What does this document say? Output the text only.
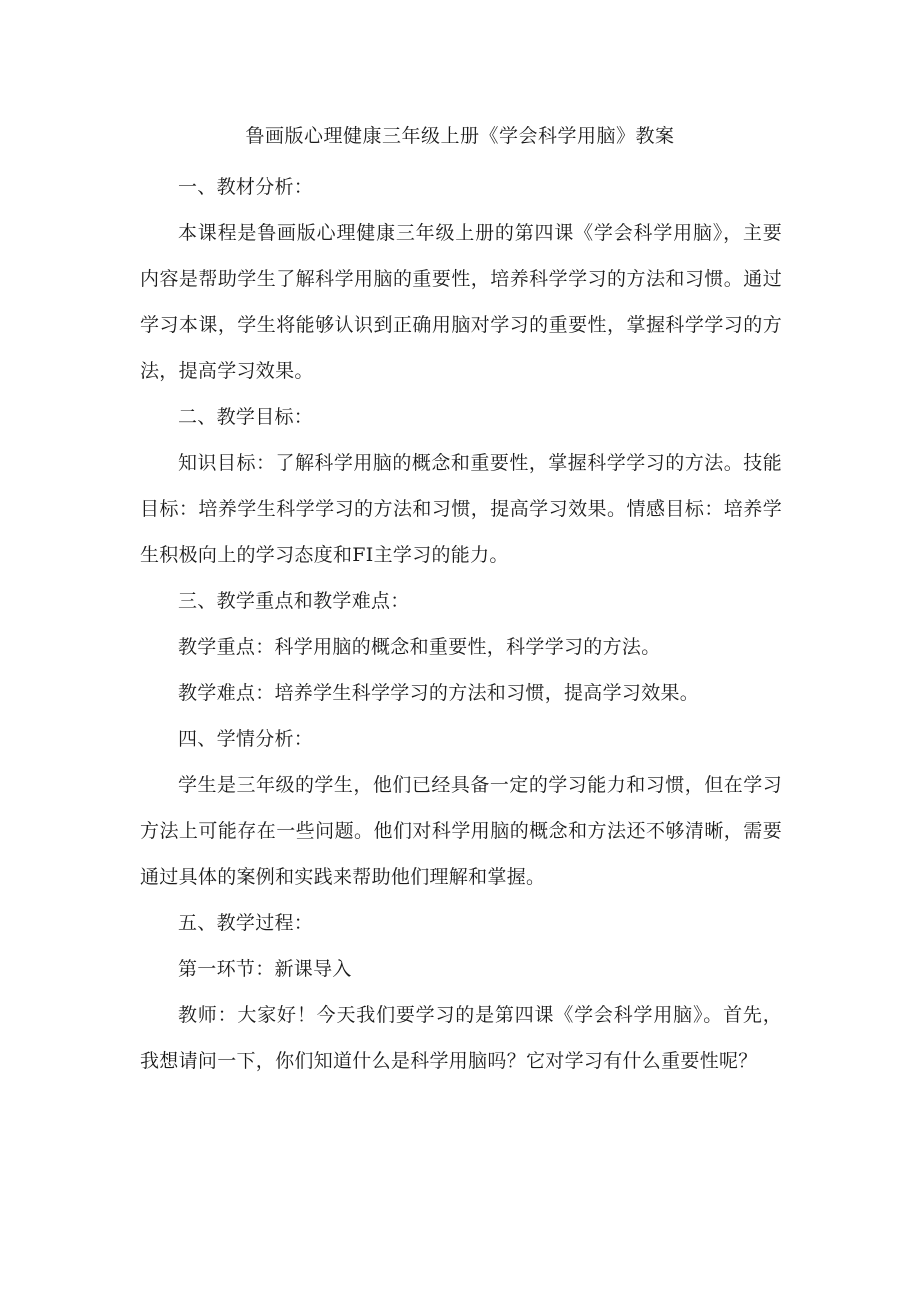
鲁画版心理健康三年级上册《学会科学用脑》教案

一、教材分析：

本课程是鲁画版心理健康三年级上册的第四课《学会科学用脑》，主要内容是帮助学生了解科学用脑的重要性，培养科学学习的方法和习惯。通过学习本课，学生将能够认识到正确用脑对学习的重要性，掌握科学学习的方法，提高学习效果。

二、教学目标：

知识目标：了解科学用脑的概念和重要性，掌握科学学习的方法。技能目标：培养学生科学学习的方法和习惯，提高学习效果。情感目标：培养学生积极向上的学习态度和FI主学习的能力。

三、教学重点和教学难点：

教学重点：科学用脑的概念和重要性，科学学习的方法。

教学难点：培养学生科学学习的方法和习惯，提高学习效果。

四、学情分析：

学生是三年级的学生，他们已经具备一定的学习能力和习惯，但在学习方法上可能存在一些问题。他们对科学用脑的概念和方法还不够清晰，需要通过具体的案例和实践来帮助他们理解和掌握。

五、教学过程：

第一环节：新课导入

教师：大家好！今天我们要学习的是第四课《学会科学用脑》。首先，我想请问一下，你们知道什么是科学用脑吗？它对学习有什么重要性呢？
